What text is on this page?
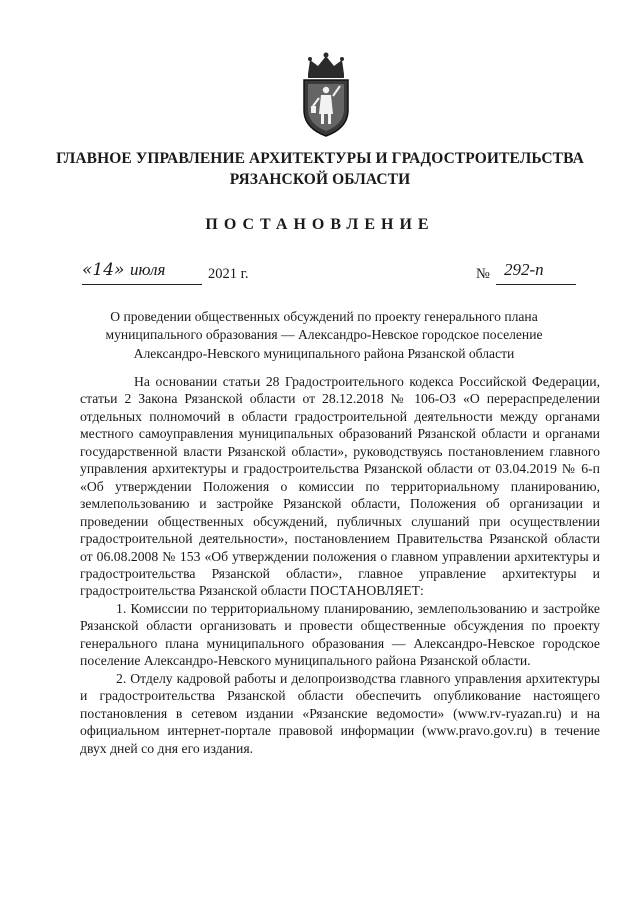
ГЛАВНОЕ УПРАВЛЕНИЕ АРХИТЕКТУРЫ И ГРАДОСТРОИТЕЛЬСТВА
РЯЗАНСКОЙ ОБЛАСТИ
ПОСТАНОВЛЕНИЕ
«14» июля	2021 г.	№ 292-п
О проведении общественных обсуждений по проекту генерального плана
муниципального образования — Александро-Невское городское поселение
Александро-Невского муниципального района Рязанской области

На основании статьи 28 Градостроительного кодекса Российской Федерации, статьи 2 Закона Рязанской области от 28.12.2018 № 106-ОЗ «О перераспределении отдельных полномочий в области градостроительной деятельности между органами местного самоуправления муниципальных образований Рязанской области и органами государственной власти Рязанской области», руководствуясь постановлением главного управления архитектуры и градостроительства Рязанской области от 03.04.2019 № 6-п «Об утверждении Положения о комиссии по территориальному планированию, землепользованию и застройке Рязанской области, Положения об организации и проведении общественных обсуждений, публичных слушаний при осуществлении градостроительной деятельности», постановлением Правительства Рязанской области от 06.08.2008 № 153 «Об утверждении положения о главном управлении архитектуры и градостроительства Рязанской области», главное управление архитектуры и градостроительства Рязанской области ПОСТАНОВЛЯЕТ:

1. Комиссии по территориальному планированию, землепользованию и застройке Рязанской области организовать и провести общественные обсуждения по проекту генерального плана муниципального образования — Александро-Невское городское поселение Александро-Невского муниципального района Рязанской области.

2. Отделу кадровой работы и делопроизводства главного управления архитектуры и градостроительства Рязанской области обеспечить опубликование настоящего постановления в сетевом издании «Рязанские ведомости» (www.rv-ryazan.ru) и на официальном интернет-портале правовой информации (www.pravo.gov.ru) в течение двух дней со дня его издания.
